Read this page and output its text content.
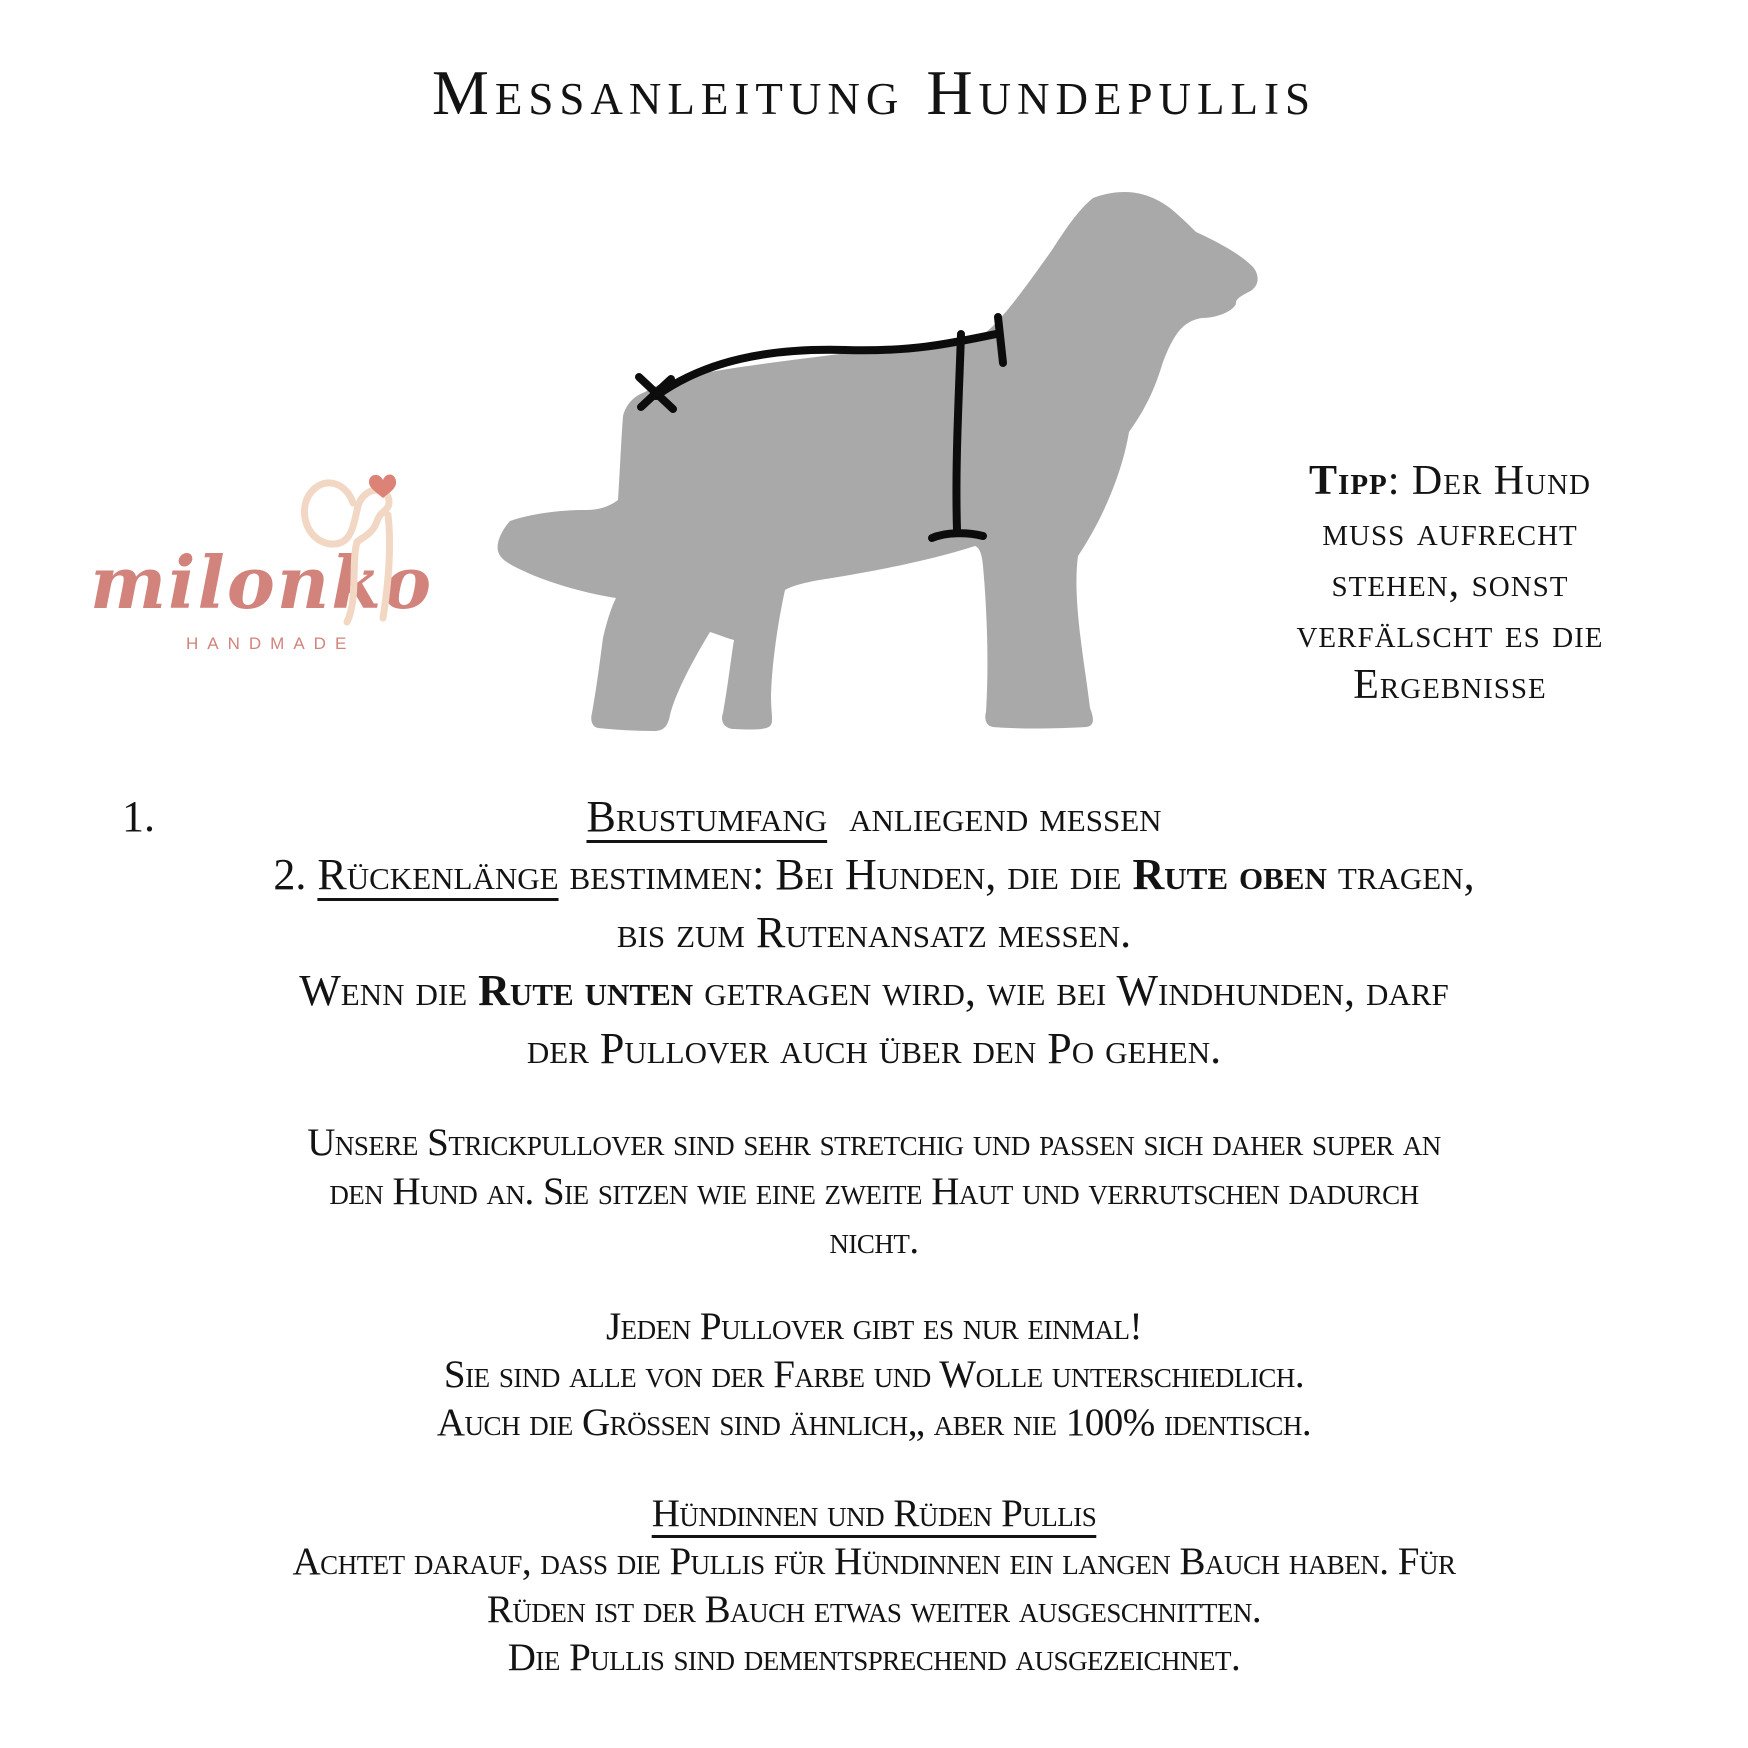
Messanleitung Hundepullis
milonko
HANDMADE
Tipp: Der Hund
muss aufrecht
stehen, sonst
verfälscht es die
Ergebnisse
1.	Brustumfang  anliegend messen
2. Rückenlänge bestimmen: Bei Hunden, die die Rute oben tragen,
bis zum Rutenansatz messen.
Wenn die Rute unten getragen wird, wie bei Windhunden, darf
der Pullover auch über den Po gehen.
Unsere Strickpullover sind sehr stretchig und passen sich daher super an
den Hund an. Sie sitzen wie eine zweite Haut und verrutschen dadurch
nicht.
Jeden Pullover gibt es nur einmal!
Sie sind alle von der Farbe und Wolle unterschiedlich.
Auch die Grössen sind ähnlich„ aber nie 100% identisch.
Hündinnen und Rüden Pullis
Achtet darauf, dass die Pullis für Hündinnen ein langen Bauch haben. Für
Rüden ist der Bauch etwas weiter ausgeschnitten.
Die Pullis sind dementsprechend ausgezeichnet.
